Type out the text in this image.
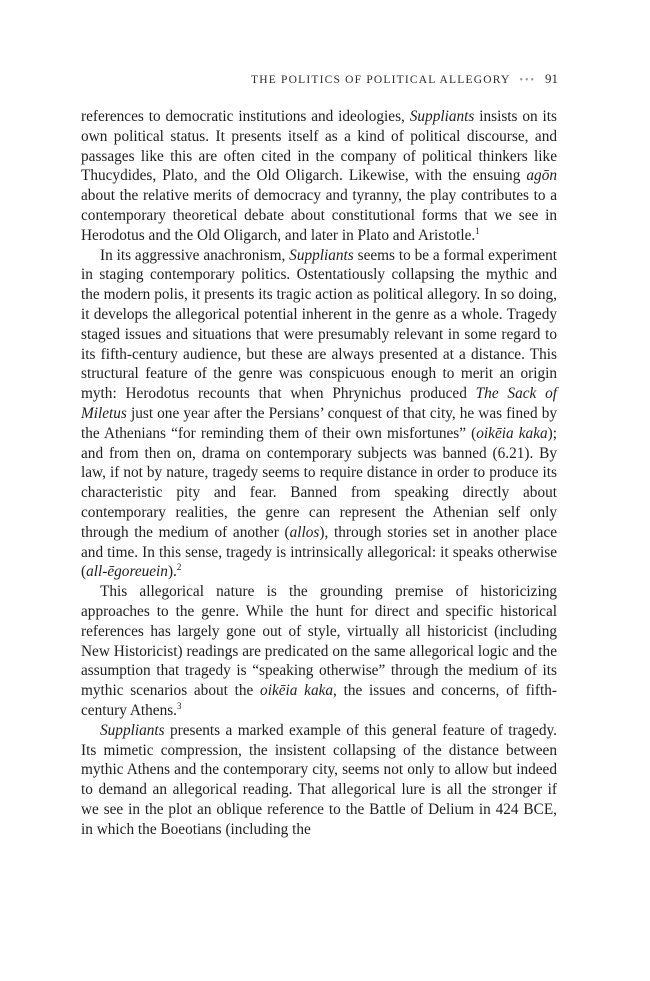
THE POLITICS OF POLITICAL ALLEGORY ••• 91

references to democratic institutions and ideologies, Suppliants insists on its own political status. It presents itself as a kind of political discourse, and passages like this are often cited in the company of political thinkers like Thucydides, Plato, and the Old Oligarch. Likewise, with the ensuing agōn about the relative merits of democracy and tyranny, the play contributes to a contemporary theoretical debate about constitutional forms that we see in Herodotus and the Old Oligarch, and later in Plato and Aristotle.$^1$

In its aggressive anachronism, Suppliants seems to be a formal experiment in staging contemporary politics. Ostentatiously collapsing the mythic and the modern polis, it presents its tragic action as political allegory. In so doing, it develops the allegorical potential inherent in the genre as a whole. Tragedy staged issues and situations that were presumably relevant in some regard to its fifth-century audience, but these are always presented at a distance. This structural feature of the genre was conspicuous enough to merit an origin myth: Herodotus recounts that when Phrynichus produced The Sack of Miletus just one year after the Persians’ conquest of that city, he was fined by the Athenians “for reminding them of their own misfortunes” (oikēia kaka); and from then on, drama on contemporary subjects was banned (6.21). By law, if not by nature, tragedy seems to require distance in order to produce its characteristic pity and fear. Banned from speaking directly about contemporary realities, the genre can represent the Athenian self only through the medium of another (allos), through stories set in another place and time. In this sense, tragedy is intrinsically allegorical: it speaks otherwise (all-ēgoreuein).$^2$

This allegorical nature is the grounding premise of historicizing approaches to the genre. While the hunt for direct and specific historical references has largely gone out of style, virtually all historicist (including New Historicist) readings are predicated on the same allegorical logic and the assumption that tragedy is “speaking otherwise” through the medium of its mythic scenarios about the oikēia kaka, the issues and concerns, of fifth-century Athens.$^3$

Suppliants presents a marked example of this general feature of tragedy. Its mimetic compression, the insistent collapsing of the distance between mythic Athens and the contemporary city, seems not only to allow but indeed to demand an allegorical reading. That allegorical lure is all the stronger if we see in the plot an oblique reference to the Battle of Delium in 424 BCE, in which the Boeotians (including the
